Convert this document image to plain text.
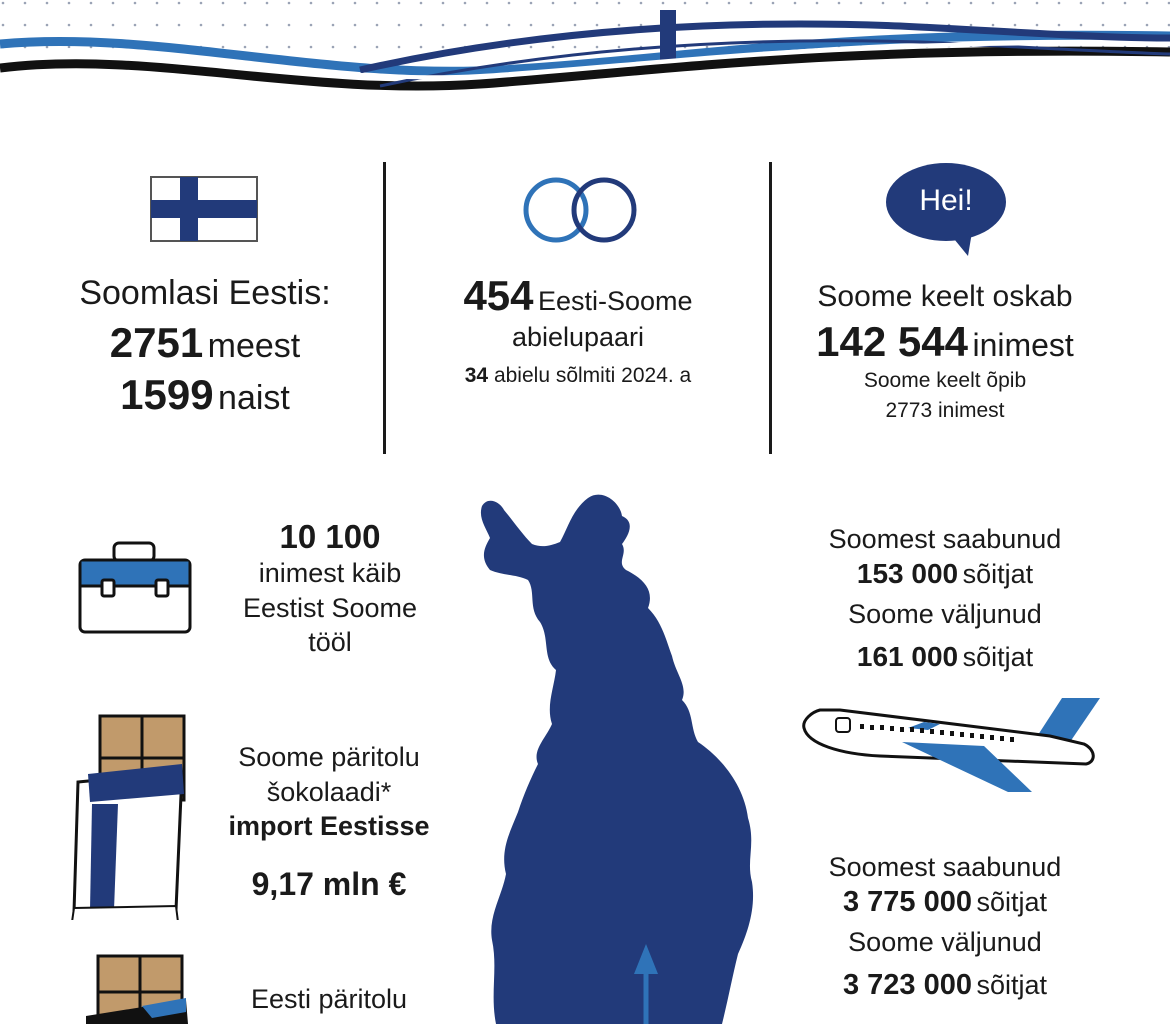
Soomlasi Eestis:
2751 meest
1599 naist
454 Eesti-Soome
abielupaari
34 abielu sõlmiti 2024. a
Hei!
Soome keelt oskab
142 544 inimest
Soome keelt õpib
2773 inimest
10 100
inimest käib
Eestist Soome
tööl
Soome päritolu
šokolaadi*
import Eestisse
9,17 mln €
Eesti päritolu
Soomest saabunud
153 000 sõitjat
Soome väljunud
161 000 sõitjat
Soomest saabunud
3 775 000 sõitjat
Soome väljunud
3 723 000 sõitjat
